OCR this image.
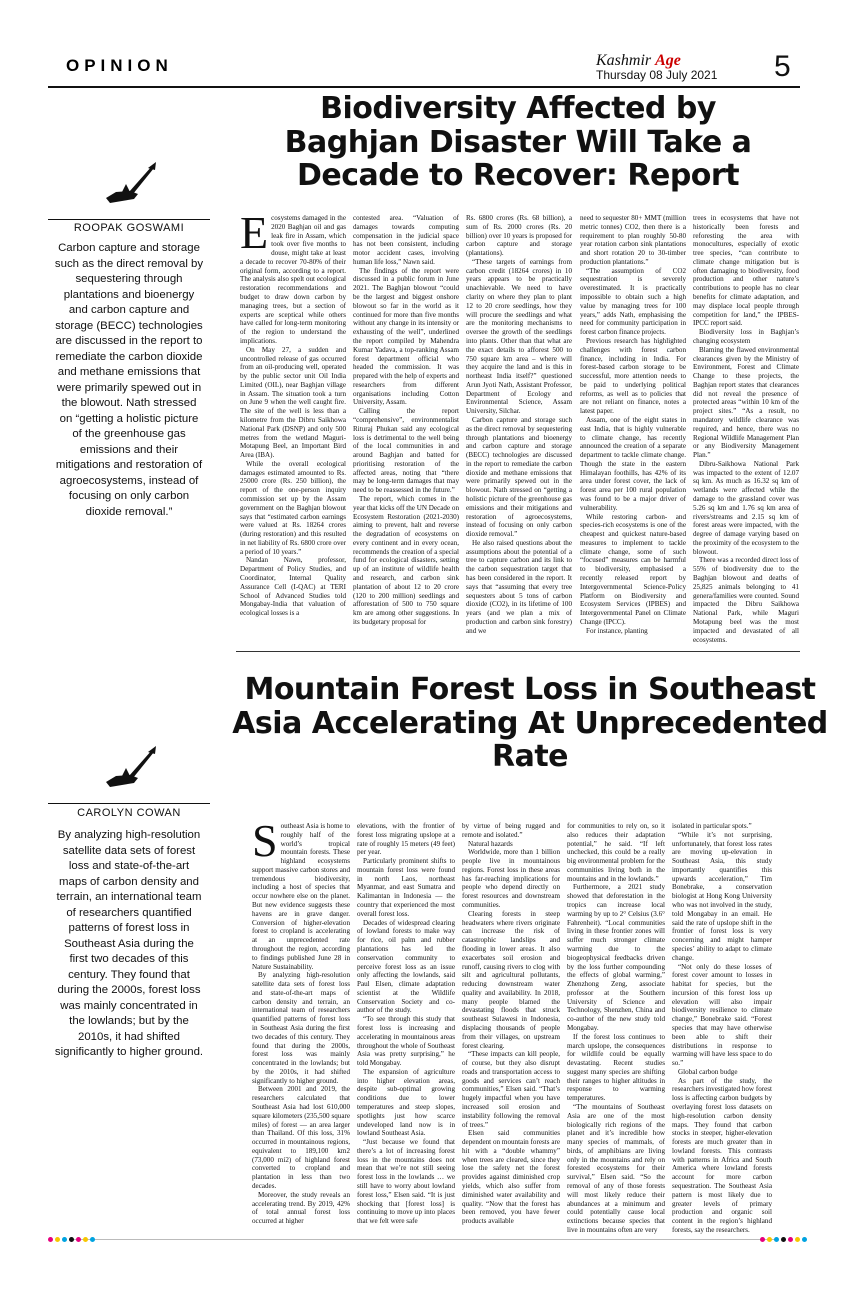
OPINION	Kashmir Age
Thursday 08 July 2021 5
Biodiversity Affected by Baghjan Disaster Will Take a Decade to Recover: Report
ROOPAK GOSWAMI
Carbon capture and storage such as the direct removal by sequestering through plantations and bioenergy and carbon capture and storage (BECC) technologies are discussed in the report to remediate the carbon dioxide and methane emissions that were primarily spewed out in the blowout. Nath stressed on “getting a holistic picture of the greenhouse gas emissions and their mitigations and restoration of agroecosystems, instead of focusing on only carbon dioxide removal.”
E cosystems damaged in the 2020 Baghjan oil and gas leak fire in Assam, which took over five months to douse, might take at least a decade to recover 70-80% of their original form, according to a report. The analysis also spelt out ecological restoration recommendations and budget to draw down carbon by managing trees, but a section of experts are sceptical while others have called for long-term monitoring of the region to understand the implications.

On May 27, a sudden and uncontrolled release of gas occurred from an oil-producing well, operated by the public sector unit Oil India Limited (OIL), near Baghjan village in Assam. The situation took a turn on June 9 when the well caught fire. The site of the well is less than a kilometre from the Dibru Saikhowa National Park (DSNP) and only 500 metres from the wetland Maguri-Motapung Beel, an Important Bird Area (IBA).

While the overall ecological damages estimated amounted to Rs. 25000 crore (Rs. 250 billion), the report of the one-person inquiry commission set up by the Assam government on the Baghjan blowout says that “estimated carbon earnings were valued at Rs. 18264 crores (during restoration) and this resulted in net liability of Rs. 6800 crore over a period of 10 years.”

Nandan Nawn, professor, Department of Policy Studies, and Coordinator, Internal Quality Assurance Cell (I-QAC) at TERI School of Advanced Studies told Mongabay-India that valuation of ecological losses is a

contested area. “Valuation of damages towards computing compensation in the judicial space has not been consistent, including motor accident cases, involving human life loss,” Nawn said.

The findings of the report were discussed in a public forum in June 2021. The Baghjan blowout “could be the largest and biggest onshore blowout so far in the world as it continued for more than five months without any change in its intensity or exhausting of the well”, underlined the report compiled by Mahendra Kumar Yadava, a top-ranking Assam forest department official who headed the commission. It was prepared with the help of experts and researchers from different organisations including Cotton University, Assam.

Calling the report “comprehensive”, environmentalist Rituraj Phukan said any ecological loss is detrimental to the well being of the local communities in and around Baghjan and batted for prioritising restoration of the affected areas, noting that “there may be long-term damages that may need to be reassessed in the future.”

The report, which comes in the year that kicks off the UN Decade on Ecosystem Restoration (2021-2030) aiming to prevent, halt and reverse the degradation of ecosystems on every continent and in every ocean, recommends the creation of a special fund for ecological disasters, setting up of an institute of wildlife health and research, and carbon sink plantation of about 12 to 20 crore (120 to 200 million) seedlings and afforestation of 500 to 750 square km are among other suggestions. In its budgetary proposal for

Rs. 6800 crores (Rs. 68 billion), a sum of Rs. 2000 crores (Rs. 20 billion) over 10 years is proposed for carbon capture and storage (plantations).

“These targets of earnings from carbon credit (18264 crores) in 10 years appears to be practically unachievable. We need to have clarity on where they plan to plant 12 to 20 crore seedlings, how they will procure the seedlings and what are the monitoring mechanisms to oversee the growth of the seedlings into plants. Other than that what are the exact details to afforest 500 to 750 square km area – where will they acquire the land and is this in northeast India itself?” questioned Arun Jyoti Nath, Assistant Professor, Department of Ecology and Environmental Science, Assam University, Silchar.

Carbon capture and storage such as the direct removal by sequestering through plantations and bioenergy and carbon capture and storage (BECC) technologies are discussed in the report to remediate the carbon dioxide and methane emissions that were primarily spewed out in the blowout. Nath stressed on “getting a holistic picture of the greenhouse gas emissions and their mitigations and restoration of agroecosystems, instead of focusing on only carbon dioxide removal.”

He also raised questions about the assumptions about the potential of a tree to capture carbon and its link to the carbon sequestration target that has been considered in the report. It says that “assuming that every tree sequesters about 5 tons of carbon dioxide (CO2), in its lifetime of 100 years (and we plan a mix of production and carbon sink forestry) and we

need to sequester 80+ MMT (million metric tonnes) CO2, then there is a requirement to plan roughly 50-80 year rotation carbon sink plantations and short rotation 20 to 30-timber production plantations.”

“The assumption of CO2 sequestration is severely overestimated. It is practically impossible to obtain such a high value by managing trees for 100 years,” adds Nath, emphasising the need for community participation in forest carbon finance projects.

Previous research has highlighted challenges with forest carbon finance, including in India. For forest-based carbon storage to be successful, more attention needs to be paid to underlying political reforms, as well as to policies that are not reliant on finance, notes a latest paper.

Assam, one of the eight states in east India, that is highly vulnerable to climate change, has recently announced the creation of a separate department to tackle climate change. Though the state in the eastern Himalayan foothills, has 42% of its area under forest cover, the lack of forest area per 100 rural population was found to be a major driver of vulnerability.

While restoring carbon- and species-rich ecosystems is one of the cheapest and quickest nature-based measures to implement to tackle climate change, some of such “focused” measures can be harmful to biodiversity, emphasised a recently released report by Intergovernmental Science-Policy Platform on Biodiversity and Ecosystem Services (IPBES) and Intergovernmental Panel on Climate Change (IPCC).

For instance, planting

trees in ecosystems that have not historically been forests and reforesting the area with monocultures, especially of exotic tree species, “can contribute to climate change mitigation but is often damaging to biodiversity, food production and other nature’s contributions to people has no clear benefits for climate adaptation, and may displace local people through competition for land,” the IPBES-IPCC report said.

Biodiversity loss in Baghjan’s changing ecosystem

Blaming the flawed environmental clearances given by the Ministry of Environment, Forest and Climate Change to these projects, the Baghjan report states that clearances did not reveal the presence of protected areas “within 10 km of the project sites.” “As a result, no mandatory wildlife clearance was required, and hence, there was no Regional Wildlife Management Plan or any Biodiversity Management Plan.”

Dibru-Saikhowa National Park was impacted to the extent of 12.07 sq km. As much as 16.32 sq km of wetlands were affected while the damage to the grassland cover was 5.26 sq km and 1.76 sq km area of rivers/streams and 2.15 sq km of forest areas were impacted, with the degree of damage varying based on the proximity of the ecosystem to the blowout.

There was a recorded direct loss of 55% of biodiversity due to the Baghjan blowout and deaths of 25,825 animals belonging to 41 genera/families were counted. Sound impacted the Dibru Saikhowa National Park, while Maguri Motapung beel was the most impacted and devastated of all ecosystems.

Mountain Forest Loss in Southeast Asia Accelerating At Unprecedented Rate
CAROLYN COWAN
By analyzing high-resolution satellite data sets of forest loss and state-of-the-art maps of carbon density and terrain, an international team of researchers quantified patterns of forest loss in Southeast Asia during the first two decades of this century. They found that during the 2000s, forest loss was mainly concentrated in the lowlands; but by the 2010s, it had shifted significantly to higher ground.
S outheast Asia is home to roughly half of the world’s tropical mountain forests. These highland ecosystems support massive carbon stores and tremendous biodiversity, including a host of species that occur nowhere else on the planet. But new evidence suggests these havens are in grave danger. Conversion of higher-elevation forest to cropland is accelerating at an unprecedented rate throughout the region, according to findings published June 28 in Nature Sustainability.

By analyzing high-resolution satellite data sets of forest loss and state-of-the-art maps of carbon density and terrain, an international team of researchers quantified patterns of forest loss in Southeast Asia during the first two decades of this century. They found that during the 2000s, forest loss was mainly concentrated in the lowlands; but by the 2010s, it had shifted significantly to higher ground.

Between 2001 and 2019, the researchers calculated that Southeast Asia had lost 610,000 square kilometers (235,500 square miles) of forest — an area larger than Thailand. Of this loss, 31% occurred in mountainous regions, equivalent to 189,100 km2 (73,000 mi2) of highland forest converted to cropland and plantation in less than two decades.

Moreover, the study reveals an accelerating trend. By 2019, 42% of total annual forest loss occurred at higher

elevations, with the frontier of forest loss migrating upslope at a rate of roughly 15 meters (49 feet) per year.

Particularly prominent shifts to mountain forest loss were found in north Laos, northeast Myanmar, and east Sumatra and Kalimantan in Indonesia — the country that experienced the most overall forest loss.

Decades of widespread clearing of lowland forests to make way for rice, oil palm and rubber plantations has led the conservation community to perceive forest loss as an issue only affecting the lowlands, said Paul Elsen, climate adaptation scientist at the Wildlife Conservation Society and co-author of the study.

“To see through this study that forest loss is increasing and accelerating in mountainous areas throughout the whole of Southeast Asia was pretty surprising,” he told Mongabay.

The expansion of agriculture into higher elevation areas, despite sub-optimal growing conditions due to lower temperatures and steep slopes, spotlights just how scarce undeveloped land now is in lowland Southeast Asia.

“Just because we found that there’s a lot of increasing forest loss in the mountains does not mean that we’re not still seeing forest loss in the lowlands … we still have to worry about lowland forest loss,” Elsen said. “It is just shocking that [forest loss] is continuing to move up into places that we felt were safe

by virtue of being rugged and remote and isolated.”

Natural hazards

Worldwide, more than 1 billion people live in mountainous regions. Forest loss in these areas has far-reaching implications for people who depend directly on forest resources and downstream communities.

Clearing forests in steep headwaters where rivers originate can increase the risk of catastrophic landslips and flooding in lower areas. It also exacerbates soil erosion and runoff, causing rivers to clog with silt and agricultural pollutants, reducing downstream water quality and availability. In 2018, many people blamed the devastating floods that struck southeast Sulawesi in Indonesia, displacing thousands of people from their villages, on upstream forest clearing.

“These impacts can kill people, of course, but they also disrupt roads and transportation access to goods and services can’t reach communities,” Elsen said. “That’s hugely impactful when you have increased soil erosion and instability following the removal of trees.”

Elsen said communities dependent on mountain forests are hit with a “double whammy” when trees are cleared, since they lose the safety net the forest provides against diminished crop yields, which also suffer from diminished water availability and quality. “Now that the forest has been removed, you have fewer products available

for communities to rely on, so it also reduces their adaptation potential,” he said. “If left unchecked, this could be a really big environmental problem for the communities living both in the mountains and in the lowlands.”

Furthermore, a 2021 study showed that deforestation in the tropics can increase local warming by up to 2° Celsius (3.6° Fahrenheit). “Local communities living in these frontier zones will suffer much stronger climate warming due to the biogeophysical feedbacks driven by the loss further compounding the effects of global warming,” Zhenzhong Zeng, associate professor at the Southern University of Science and Technology, Shenzhen, China and co-author of the new study told Mongabay.

If the forest loss continues to march upslope, the consequences for wildlife could be equally devastating. Recent studies suggest many species are shifting their ranges to higher altitudes in response to warming temperatures.

“The mountains of Southeast Asia are one of the most biologically rich regions of the planet and it’s incredible how many species of mammals, of birds, of amphibians are living only in the mountains and rely on forested ecosystems for their survival,” Elsen said. “So the removal of any of those forests will most likely reduce their abundances at a minimum and could potentially cause local extinctions because species that live in mountains often are very

isolated in particular spots.”

“While it’s not surprising, unfortunately, that forest loss rates are moving up-elevation in Southeast Asia, this study importantly quantifies this upwards acceleration,” Tim Bonebrake, a conservation biologist at Hong Kong University who was not involved in the study, told Mongabay in an email. He said the rate of upslope shift in the frontier of forest loss is very concerning and might hamper species’ ability to adapt to climate change.

“Not only do these losses of forest cover amount to losses in habitat for species, but the incursion of this forest loss up elevation will also impair biodiversity resilience to climate change,” Bonebrake said. “Forest species that may have otherwise been able to shift their distributions in response to warming will have less space to do so.”

Global carbon budge

As part of the study, the researchers investigated how forest loss is affecting carbon budgets by overlaying forest loss datasets on high-resolution carbon density maps. They found that carbon stocks in steeper, higher-elevation forests are much greater than in lowland forests. This contrasts with patterns in Africa and South America where lowland forests account for more carbon sequestration. The Southeast Asia pattern is most likely due to greater levels of primary production and organic soil content in the region’s highland forests, say the researchers.
